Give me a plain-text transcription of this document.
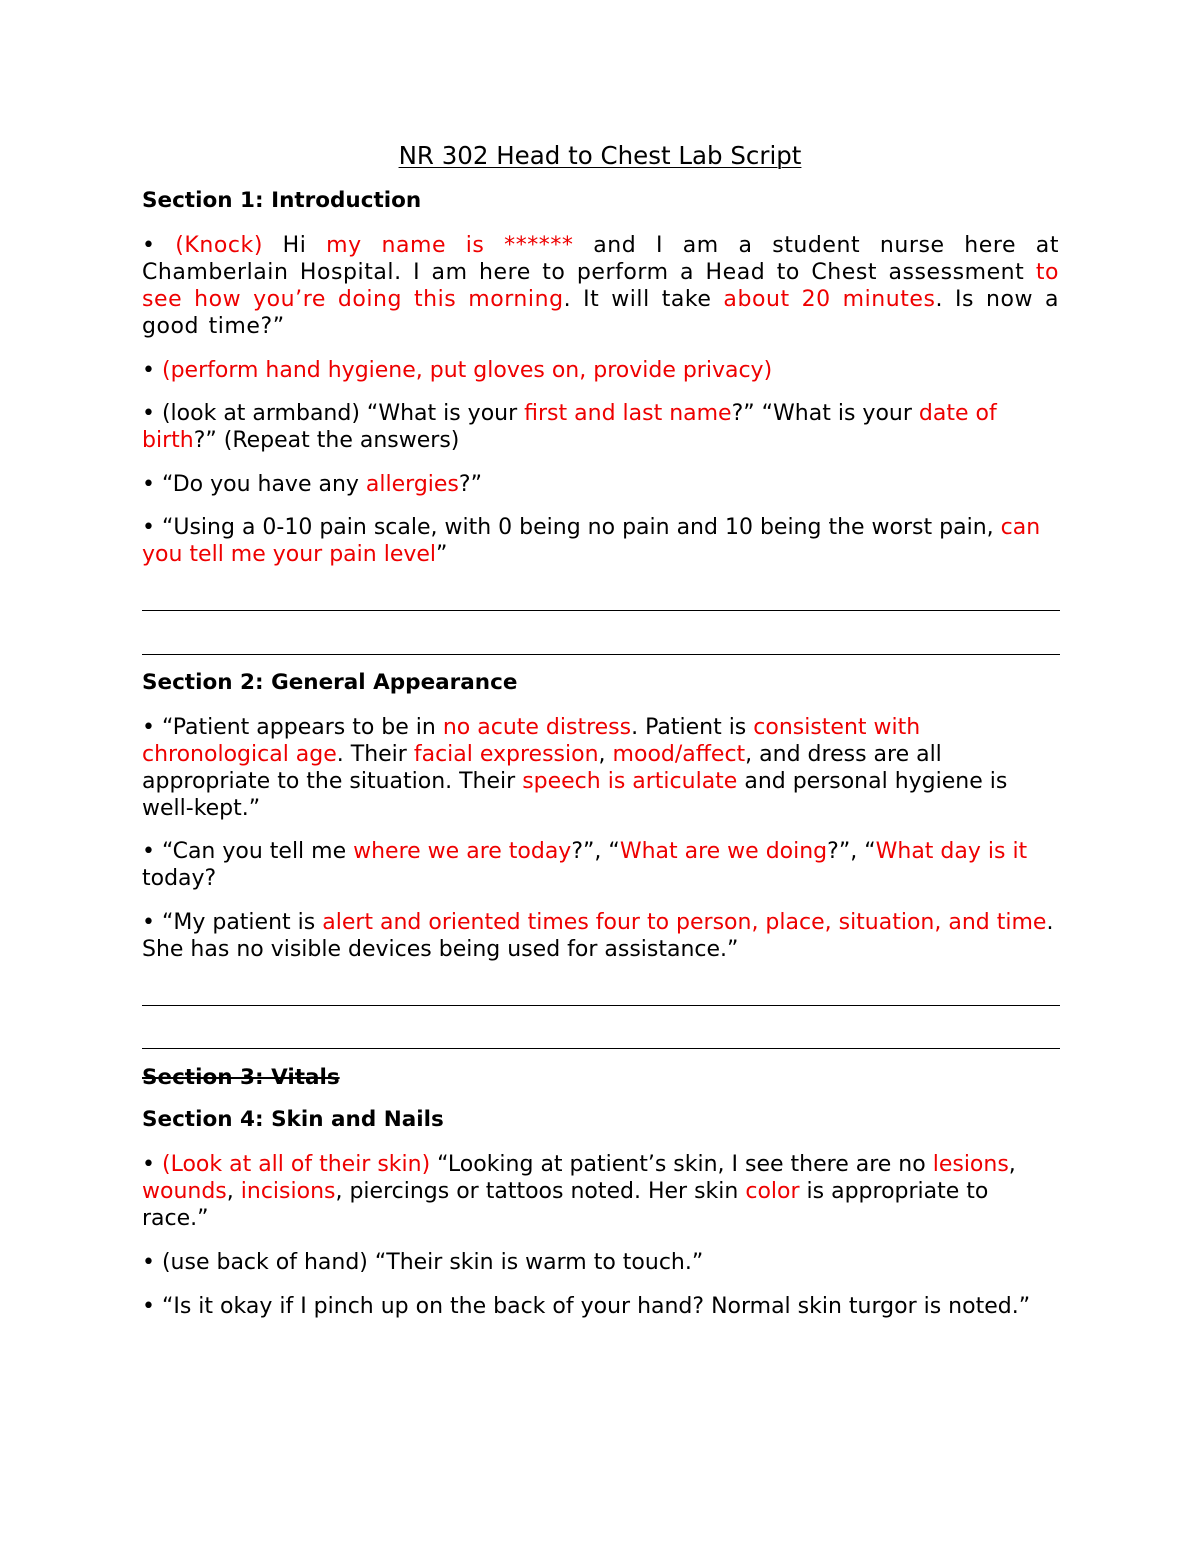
NR 302 Head to Chest Lab Script
Section 1: Introduction
• (Knock) Hi my name is ****** and I am a student nurse here at Chamberlain Hospital. I am here to perform a Head to Chest assessment to see how you’re doing this morning. It will take about 20 minutes. Is now a good time?”
• (perform hand hygiene, put gloves on, provide privacy)
• (look at armband) “What is your first and last name?” “What is your date of birth?” (Repeat the answers)
• “Do you have any allergies?”
• “Using a 0-10 pain scale, with 0 being no pain and 10 being the worst pain, can you tell me your pain level”
Section 2: General Appearance
• “Patient appears to be in no acute distress. Patient is consistent with chronological age. Their facial expression, mood/affect, and dress are all appropriate to the situation. Their speech is articulate and personal hygiene is well-kept.”
• “Can you tell me where we are today?”, “What are we doing?”, “What day is it today?
• “My patient is alert and oriented times four to person, place, situation, and time. She has no visible devices being used for assistance.”
Section 3: Vitals
Section 4: Skin and Nails
• (Look at all of their skin) “Looking at patient’s skin, I see there are no lesions, wounds, incisions, piercings or tattoos noted. Her skin color is appropriate to race.”
• (use back of hand) “Their skin is warm to touch.”
• “Is it okay if I pinch up on the back of your hand? Normal skin turgor is noted.”
